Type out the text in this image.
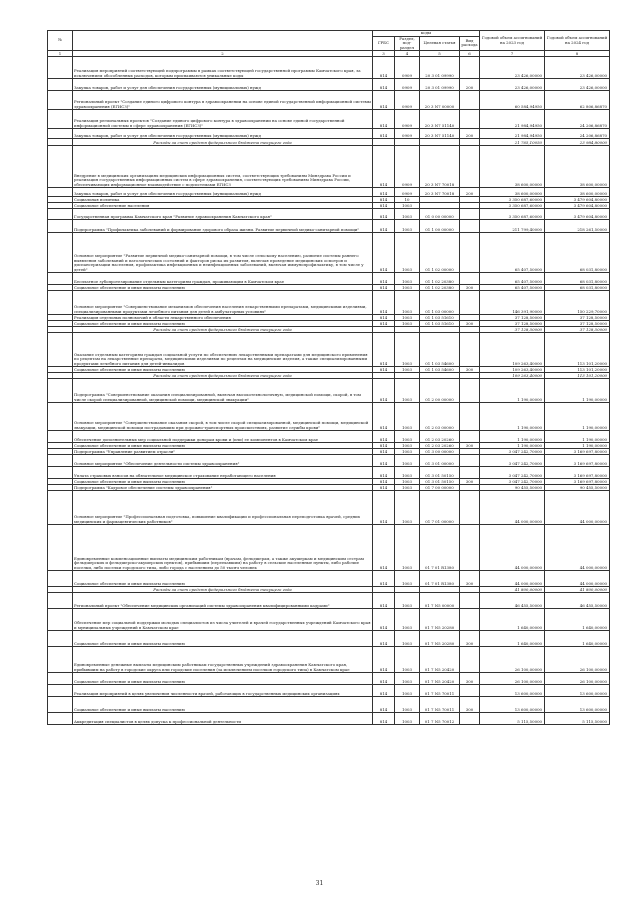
№		коды				Годовой объем ассигнований на 2023 год	Годовой объем ассигнований на 2024 год
		ГРБС	Раздел, под-раздел	Целевая статья	Вид расхода		
1	2	3	4	5	6	7	8
	Реализация мероприятий соответствующей подпрограммы в рамках соответствующей государственной программы Камчатского края, за исключением обособленных расходов, которым присваиваются уникальные коды	814	0909	20 3 01 09990		23 426,00000	23 426,00000
	Закупка товаров, работ и услуг для обеспечения государственных (муниципальных) нужд	814	0909	20 3 01 09990	200	23 426,00000	23 426,00000
	Региональный проект "Создание единого цифрового контура в здравоохранении на основе единой государственной информационной системы здравоохранения (ЕГИСЗ)"	814	0909	20 3 N7 00000		60 584,94950	62 806,86870
	Реализация региональных проектов "Создание единого цифрового контура в здравоохранении на основе единой государственной информационной системы в сфере здравоохранения (ЕГИСЗ)"	814	0909	20 3 N7 51140		21 984,94950	24 206,86870
	Закупка товаров, работ и услуг для обеспечения государственных (муниципальных) нужд	814	0909	20 3 N7 51140	200	21 984,94950	24 206,86870
	Расходы за счет средств федерального бюджета текущего года					21 765,10050	23 984,80000
	Внедрение в медицинских организациях медицинских информационных систем, соответствующих требованиям Минздрава России и реализация государственных информационных систем в сфере здравоохранения, соответствующих требованиям Минздрава России, обеспечивающих информационное взаимодействие с подсистемами ЕГИСЗ	814	0909	20 3 N7 70018		38 600,00000	38 600,00000
	Закупка товаров, работ и услуг для обеспечения государственных (муниципальных) нужд	814	0909	20 3 N7 70018	200	38 600,00000	38 600,00000
	Социальная политика	814	10			3 350 687,60000	3 479 604,80000
	Социальное обеспечение населения	814	1003			3 350 687,60000	3 479 604,80000
	Государственная программа Камчатского края "Развитие здравоохранения Камчатского края"	814	1003	01 0 00 00000		3 350 687,60000	3 479 604,80000
	Подпрограмма "Профилактика заболеваний и формирование здорового образа жизни. Развитие первичной медико-санитарной помощи"	814	1003	01 1 00 00000		211 799,40000	218 261,50000
	Основное мероприятие "Развитие первичной медико-санитарной помощи, в том числе сельскому населению, развитие системы раннего выявления заболеваний и патологических состояний и факторов риска их развития, включая проведение медицинских осмотров и диспансеризации населения, профилактика инфекционных и неинфекционных заболеваний, включая иммунопрофилактику, в том числе у детей"	814	1003	01 1 02 00000		65 407,50000	68 031,80000
	Бесплатное зубопротезирование отдельным категориям граждан, проживающим в Камчатском крае	814	1003	01 1 02 20380		65 407,50000	68 031,80000
	Социальное обеспечение и иные выплаты населению	814	1003	01 1 02 20380	300	65 407,50000	68 031,80000
	Основное мероприятие "Совершенствование механизмов обеспечения населения лекарственными препаратами, медицинскими изделиями, специализированными продуктами лечебного питания для детей в амбулаторных условиях"	814	1003	01 1 03 00000		146 391,90000	150 229,70000
	Реализация отдельных полномочий в области лекарственного обеспечения	814	1003	01 1 03 51610		37 128,50000	37 128,50000
	Социальное обеспечение и иные выплаты населению	814	1003	01 1 03 51610	300	37 128,50000	37 128,50000
	Расходы за счет средств федерального бюджета текущего года					37 128,50000	37 128,50000
	Оказание отдельным категориям граждан социальной услуги по обеспечению лекарственными препаратами для медицинского применения по рецептам на лекарственные препараты, медицинскими изделиями по рецептам на медицинские изделия, а также специализированными продуктами лечебного питания для детей-инвалидов	814	1003	01 1 03 54600		109 263,40000	113 101,20000
	Социальное обеспечение и иные выплаты населению	814	1003	01 1 03 54600	300	109 263,40000	113 101,20000
	Расходы за счет средств федерального бюджета текущего года					109 263,40000	113 101,20000
	Подпрограмма "Совершенствование оказания специализированной, включая высокотехнологичную, медицинской помощи, скорой, в том числе скорой специализированной, медицинской помощи, медицинской эвакуации"	814	1003	01 2 00 00000		1 190,00000	1 190,00000
	Основное мероприятие "Совершенствование оказания скорой, в том числе скорой специализированной, медицинской помощи, медицинской эвакуации, медицинской помощи пострадавшим при дорожно-транспортных происшествиях, развитие службы крови"	814	1003	01 2 03 00000		1 190,00000	1 190,00000
	Обеспечение дополнительных мер социальной поддержки донорам крови и (или) ее компонентов в Камчатском крае	814	1003	01 2 03 20260		1 190,00000	1 190,00000
	Социальное обеспечение и иные выплаты населению	814	1003	01 2 03 20260	300	1 190,00000	1 190,00000
	Подпрограмма "Управление развитием отрасли"	814	1003	01 3 00 00000		3 047 242,70000	3 169 697,80000
	Основное мероприятие "Обеспечение деятельности системы здравоохранения"	814	1003	01 3 01 00000		3 047 242,70000	3 169 697,80000
	Уплата страховых взносов на обязательное медицинское страхование неработающего населения	814	1003	01 3 01 50150		3 047 242,70000	3 169 697,80000
	Социальное обеспечение и иные выплаты населению	814	1003	01 3 01 50150	300	3 047 242,70000	3 169 697,80000
	Подпрограмма "Кадровое обеспечение системы здравоохранения"	814	1003	01 7 00 00000		90 455,50000	90 455,50000
	Основное мероприятие "Профессиональная подготовка, повышение квалификации и профессиональная переподготовка врачей, средних медицинских и фармацевтических работников"	814	1003	01 7 01 00000		44 000,00000	44 000,00000
	Единовременные компенсационные выплаты медицинским работникам (врачам, фельдшерам, а также акушеркам и медицинским сестрам фельдшерских и фельдшерско-акушерских пунктов), прибывшим (переехавшим) на работу в сельские населенные пункты, либо рабочие поселки, либо поселки городского типа, либо города с населением до 50 тысяч человек	814	1003	01 7 01 R1380		44 000,00000	44 000,00000
	Социальное обеспечение и иные выплаты населению	814	1003	01 7 01 R1380	300	44 000,00000	44 000,00000
	Расходы за счет средств федерального бюджета текущего года					41 800,00000	41 800,00000
	Региональный проект "Обеспечение медицинских организаций системы здравоохранения квалифицированными кадрами"	814	1003	01 7 N5 00000		46 455,50000	46 455,50000
	Обеспечение мер социальной поддержки молодых специалистов из числа учителей и врачей государственных учреждений Камчатского края и муниципальных учреждений в Камчатском крае	814	1003	01 7 N5 20280		1 640,00000	1 640,00000
	Социальное обеспечение и иные выплаты населению	814	1003	01 7 N5 20280	300	1 640,00000	1 640,00000
	Единовременные денежные выплаты медицинским работникам государственных учреждений здравоохранения Камчатского края, прибывшим на работу в городские округа или городские поселения (за исключением поселков городского типа) в Камчатском крае	814	1003	01 7 N5 20420		26 100,00000	26 100,00000
	Социальное обеспечение и иные выплаты населению	814	1003	01 7 N5 20420	300	26 100,00000	26 100,00000
	Реализация мероприятий в целях увеличения численности врачей, работающих в государственных медицинских организациях	814	1003	01 7 N5 70011		13 600,00000	13 600,00000
	Социальное обеспечение и иные выплаты населению	814	1003	01 7 N5 70011	300	13 600,00000	13 600,00000
	Аккредитация специалистов в целях допуска к профессиональной деятельности	814	1003	01 7 N5 70012		5 115,50000	5 115,50000
31
